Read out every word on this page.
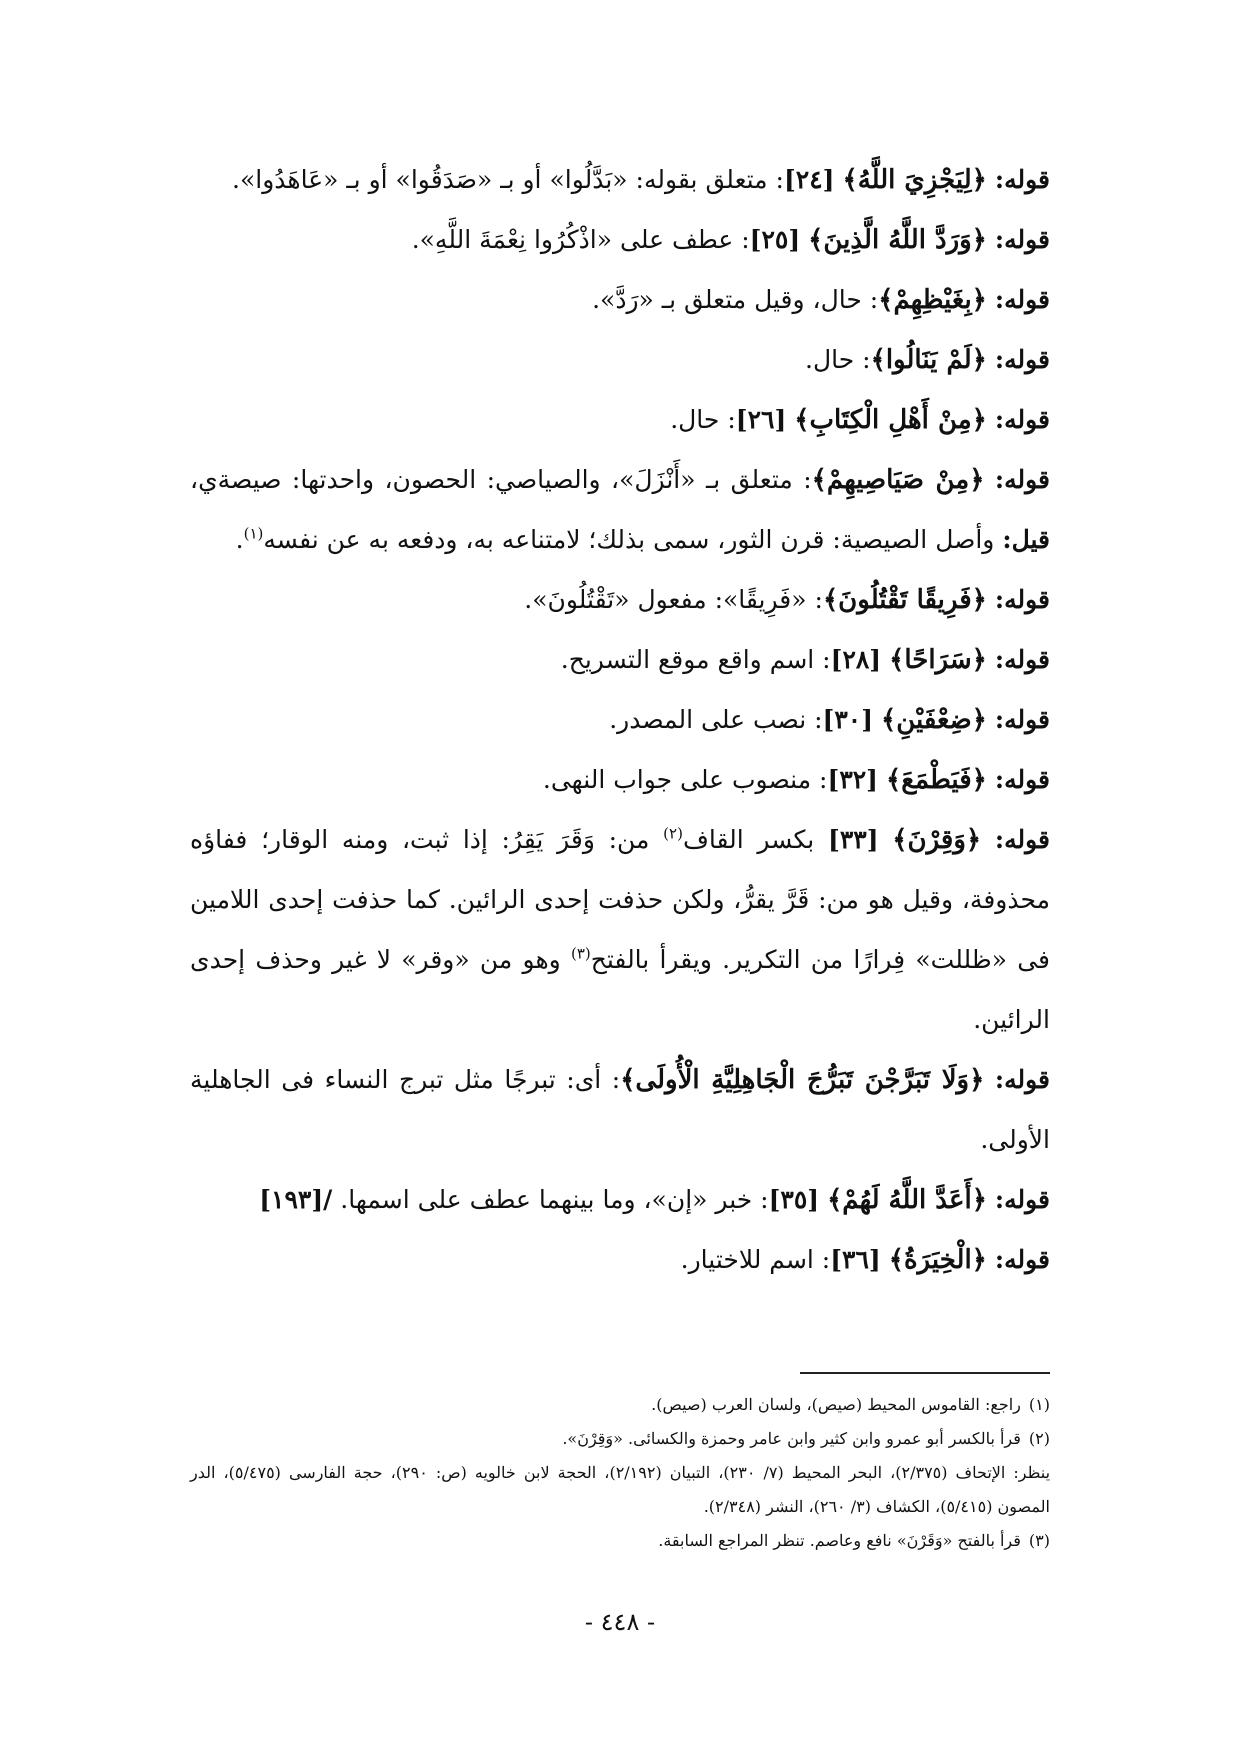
قوله: ﴿لِيَجْزِيَ اللَّهُ﴾ [٢٤]: متعلق بقوله: «بَدَّلُوا» أو بـ «صَدَقُوا» أو بـ «عَاهَدُوا».

قوله: ﴿وَرَدَّ اللَّهُ الَّذِينَ﴾ [٢٥]: عطف على «اذْكُرُوا نِعْمَةَ اللَّهِ».

قوله: ﴿بِغَيْظِهِمْ﴾: حال، وقيل متعلق بـ «رَدَّ».

قوله: ﴿لَمْ يَنَالُوا﴾: حال.

قوله: ﴿مِنْ أَهْلِ الْكِتَابِ﴾ [٢٦]: حال.

قوله: ﴿مِنْ صَيَاصِيهِمْ﴾: متعلق بـ «أَنْزَلَ»، والصياصي: الحصون، واحدتها: صيصةي، قيل: وأصل الصيصية: قرن الثور، سمى بذلك؛ لامتناعه به، ودفعه به عن نفسه$^{(١)}$.

قوله: ﴿فَرِيقًا تَقْتُلُونَ﴾: «فَرِيقًا»: مفعول «تَقْتُلُونَ».

قوله: ﴿سَرَاحًا﴾ [٢٨]: اسم واقع موقع التسريح.

قوله: ﴿ضِعْفَيْنِ﴾ [٣٠]: نصب على المصدر.

قوله: ﴿فَيَطْمَعَ﴾ [٣٢]: منصوب على جواب النهى.

قوله: ﴿وَقِرْنَ﴾ [٣٣] بكسر القاف$^{(٢)}$ من: وَقَرَ يَقِرُ: إذا ثبت، ومنه الوقار؛ ففاؤه محذوفة، وقيل هو من: قَرَّ يقرُّ، ولكن حذفت إحدى الرائين. كما حذفت إحدى اللامين فى «ظللت» فِرارًا من التكرير. ويقرأ بالفتح$^{(٣)}$ وهو من «وقر» لا غير وحذف إحدى الرائين.

قوله: ﴿وَلَا تَبَرَّجْنَ تَبَرُّجَ الْجَاهِلِيَّةِ الْأُولَى﴾: أى: تبرجًا مثل تبرج النساء فى الجاهلية الأولى.

قوله: ﴿أَعَدَّ اللَّهُ لَهُمْ﴾ [٣٥]: خبر «إن»، وما بينهما عطف على اسمها. /[١٩٣]

قوله: ﴿الْخِيَرَةُ﴾ [٣٦]: اسم للاختيار.

(١)راجع: القاموس المحيط (صيص)، ولسان العرب (صيص).

(٢)قرأ بالكسر أبو عمرو وابن كثير وابن عامر وحمزة والكسائى. «وَقِرْنَ».

ينظر: الإتحاف (٢/٣٧٥)، البحر المحيط (٧/ ٢٣٠)، التبيان (٢/١٩٢)، الحجة لابن خالويه (ص: ٢٩٠)، حجة الفارسى (٥/٤٧٥)، الدر المصون (٥/٤١٥)، الكشاف (٣/ ٢٦٠)، النشر (٢/٣٤٨).

(٣)قرأ بالفتح «وَقَرْنَ» نافع وعاصم. تنظر المراجع السابقة.

- ٤٤٨ -
